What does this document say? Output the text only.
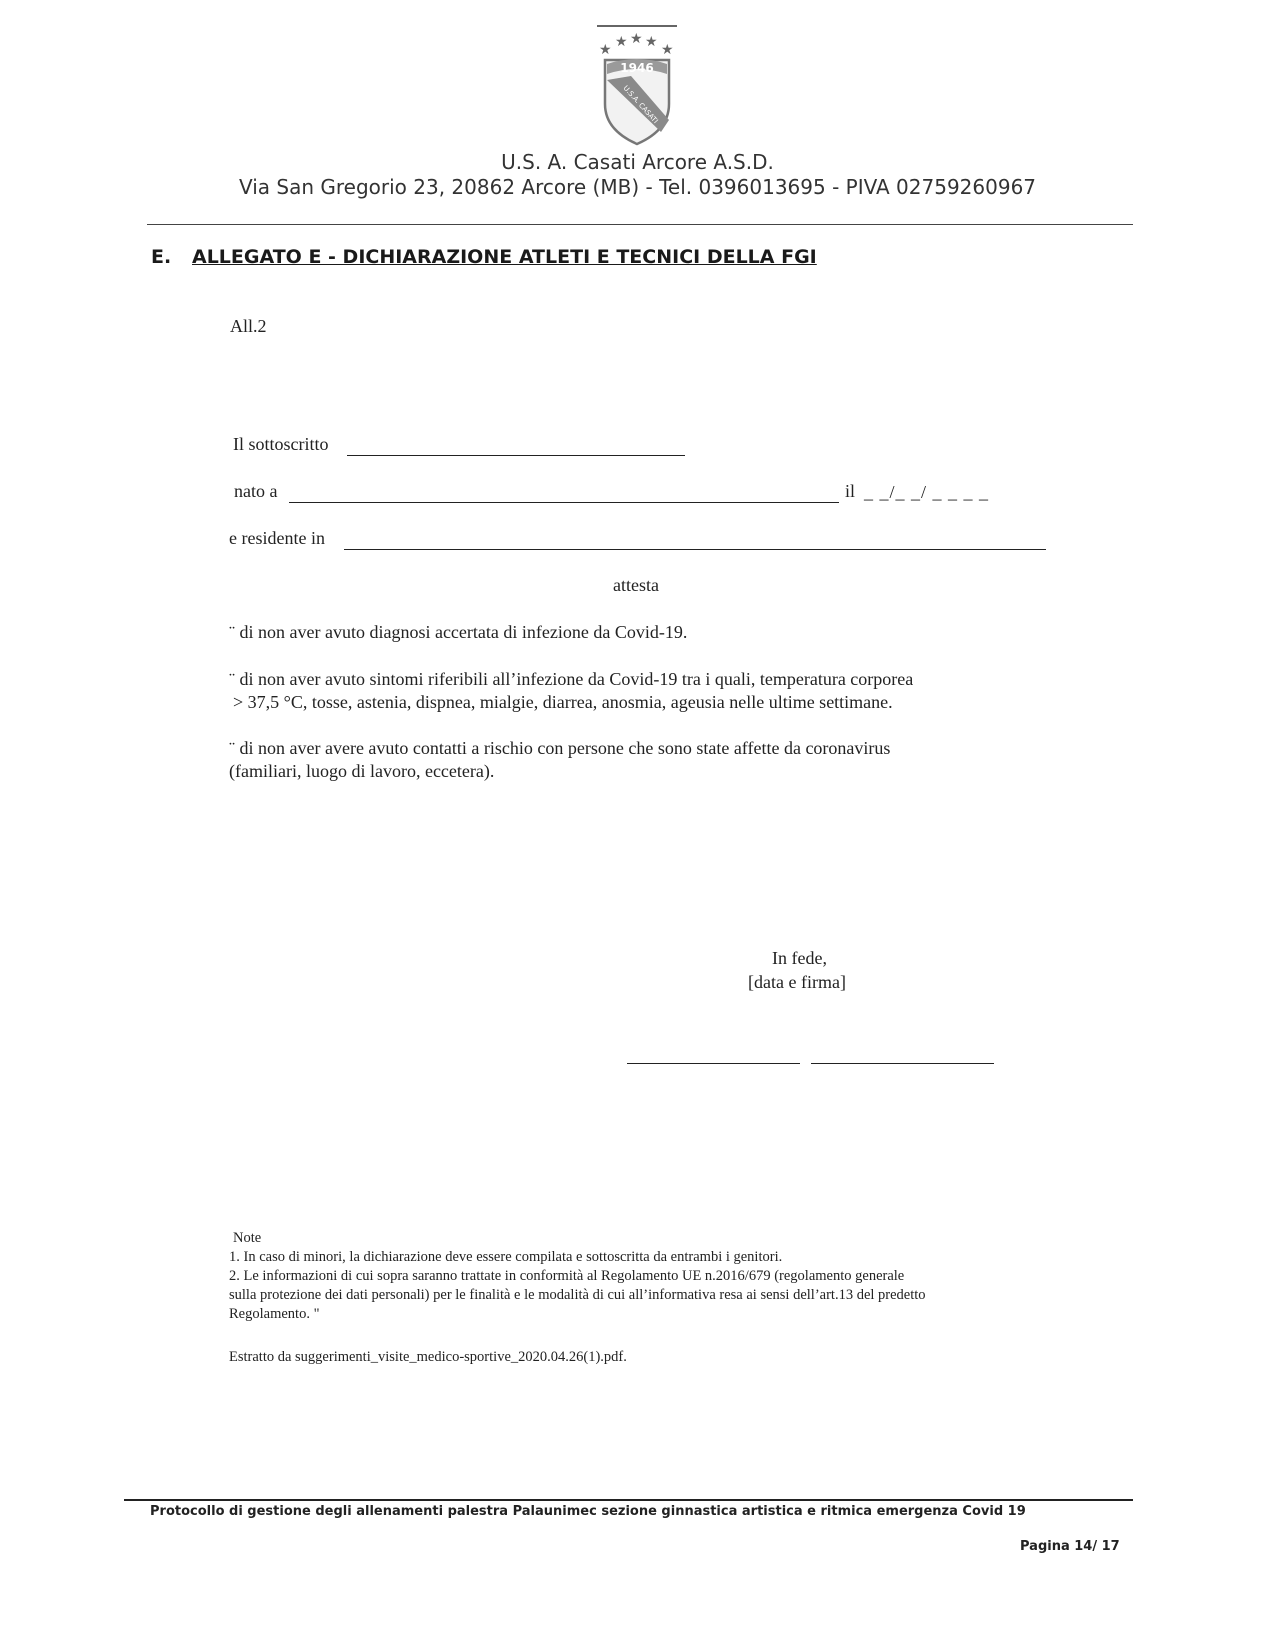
★ ★ ★ ★ ★
1946
U.S.A. CASATI
U.S. A. Casati Arcore A.S.D.
Via San Gregorio 23, 20862 Arcore (MB) - Tel. 0396013695 - PIVA 02759260967
E. ALLEGATO E - DICHIARAZIONE ATLETI E TECNICI DELLA FGI
All.2
Il sottoscritto
nato a	il _ _/_ _/ _ _ _ _
e residente in
attesta
¨ di non aver avuto diagnosi accertata di infezione da Covid-19.
¨ di non aver avuto sintomi riferibili all’infezione da Covid-19 tra i quali, temperatura corporea
> 37,5 °C, tosse, astenia, dispnea, mialgie, diarrea, anosmia, ageusia nelle ultime settimane.
¨ di non aver avere avuto contatti a rischio con persone che sono state affette da coronavirus
(familiari, luogo di lavoro, eccetera).
In fede,
[data e firma]
Note
1. In caso di minori, la dichiarazione deve essere compilata e sottoscritta da entrambi i genitori.
2. Le informazioni di cui sopra saranno trattate in conformità al Regolamento UE n.2016/679 (regolamento generale
sulla protezione dei dati personali) per le finalità e le modalità di cui all’informativa resa ai sensi dell’art.13 del predetto
Regolamento. "
Estratto da suggerimenti_visite_medico-sportive_2020.04.26(1).pdf.
Protocollo di gestione degli allenamenti palestra Palaunimec sezione ginnastica artistica e ritmica emergenza Covid 19
Pagina 14/ 17
